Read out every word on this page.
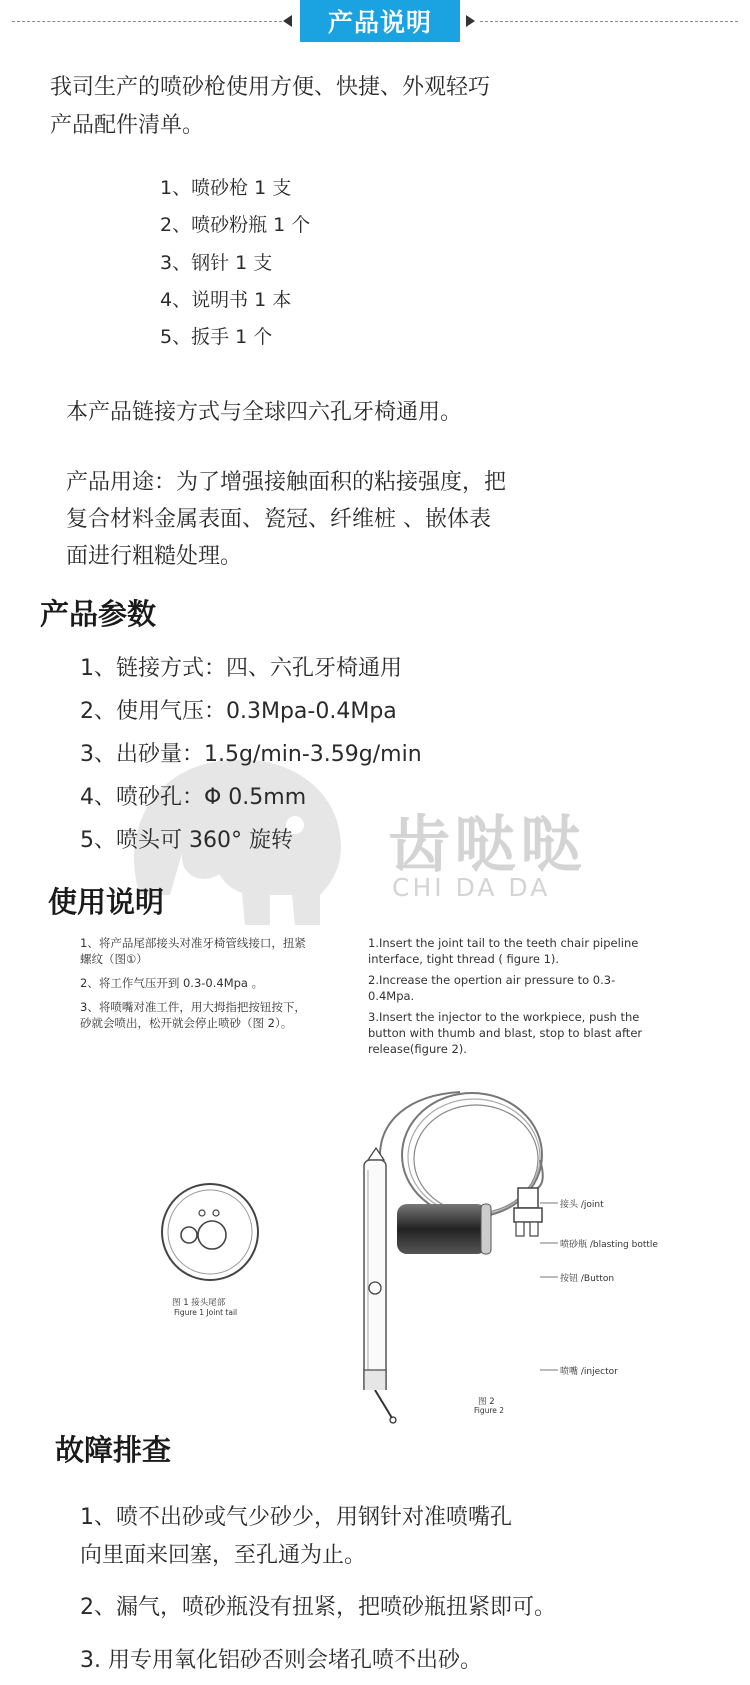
产品说明
我司生产的喷砂枪使用方便、快捷、外观轻巧
产品配件清单。
1、喷砂枪 1 支
2、喷砂粉瓶 1 个
3、钢针 1 支
4、说明书 1 本
5、扳手 1 个
本产品链接方式与全球四六孔牙椅通用。
产品用途：为了增强接触面积的粘接强度，把
复合材料金属表面、瓷冠、纤维桩 、嵌体表
面进行粗糙处理。
齿哒哒
CHI DA DA
产品参数
1、链接方式：四、六孔牙椅通用
2、使用气压：0.3Mpa-0.4Mpa
3、出砂量：1.5g/min-3.59g/min
4、喷砂孔：Φ 0.5mm
5、喷头可 360° 旋转
使用说明
1、将产品尾部接头对准牙椅管线接口，扭紧
螺纹（图①）
2、将工作气压开到 0.3-0.4Mpa 。
3、将喷嘴对准工件，用大拇指把按钮按下，
砂就会喷出，松开就会停止喷砂（图 2）。
1.Insert the joint tail to the teeth chair pipeline
interface, tight thread ( figure 1).
2.Increase the opertion air pressure to 0.3-
0.4Mpa.
3.Insert the injector to the workpiece, push the
button with thumb and blast, stop to blast after
release(figure 2).
图 1 接头尾部
Figure 1 Joint tail
接头 /joint
喷砂瓶 /blasting bottle
按钮 /Button
喷嘴 /injector
图 2
Figure 2
故障排查
1、喷不出砂或气少砂少，用钢针对准喷嘴孔
向里面来回塞，至孔通为止。
2、漏气，喷砂瓶没有扭紧，把喷砂瓶扭紧即可。
3. 用专用氧化铝砂否则会堵孔喷不出砂。
